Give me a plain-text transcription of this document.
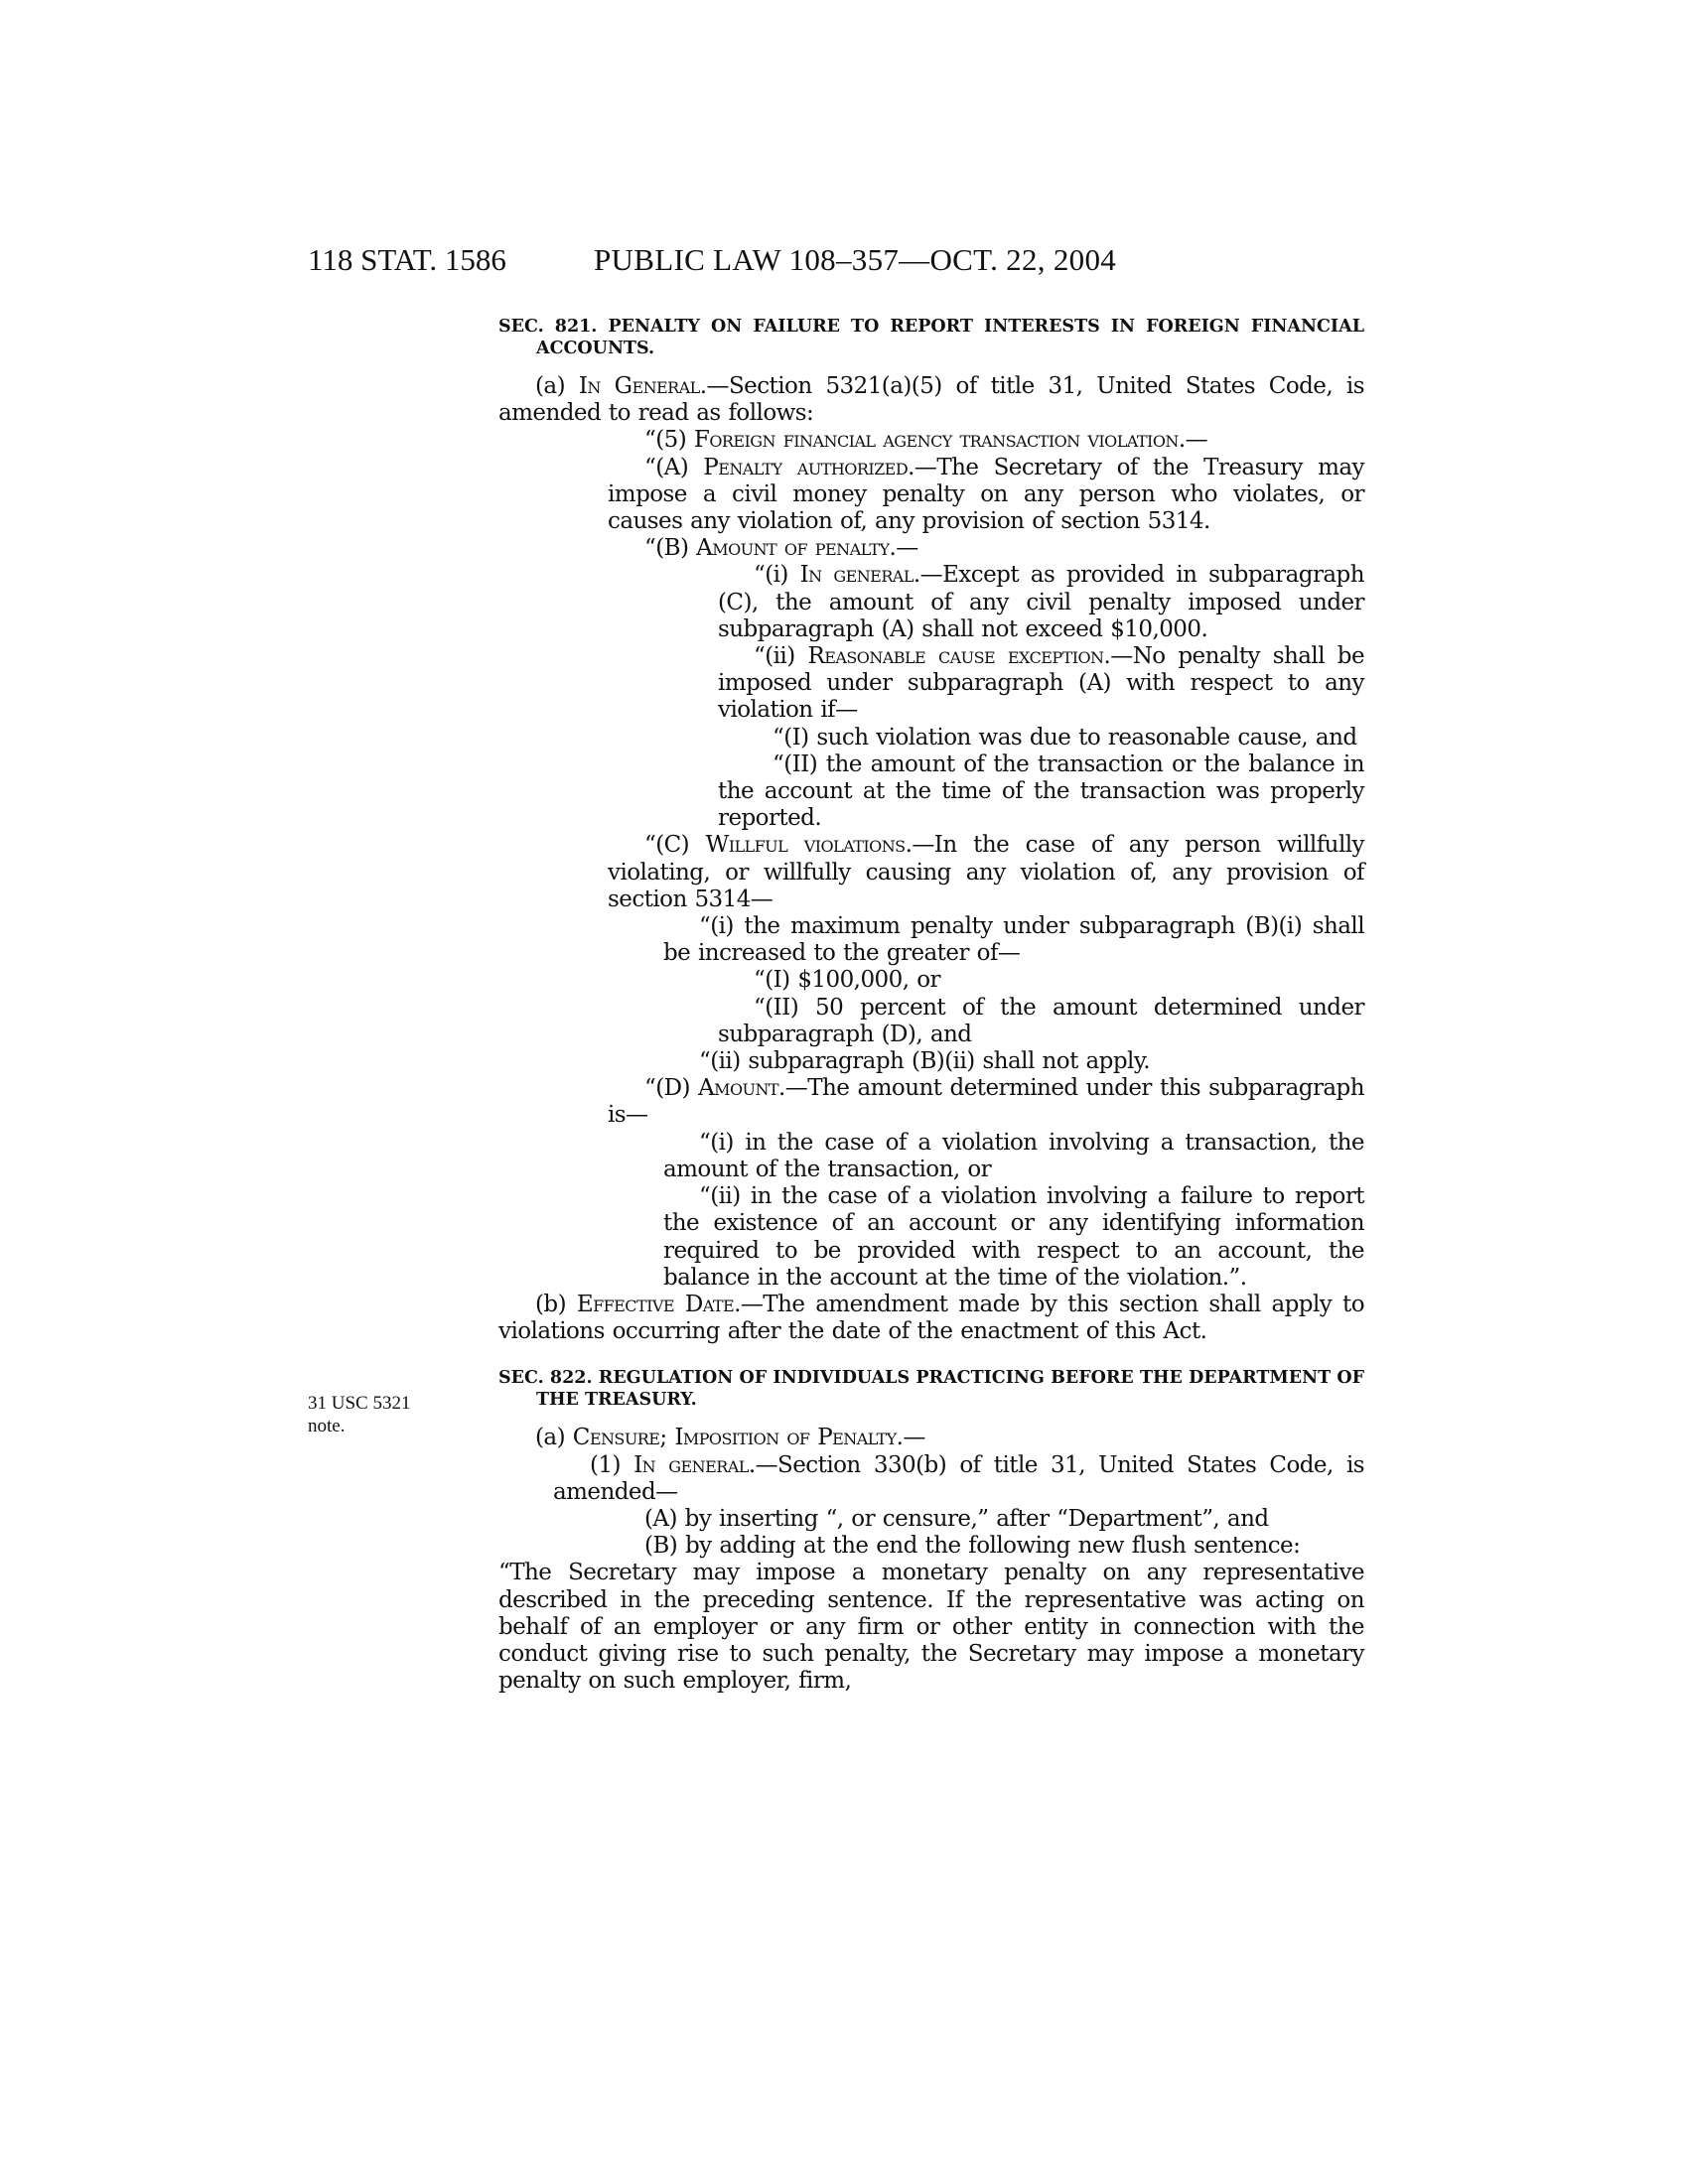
118 STAT. 1586	PUBLIC LAW 108–357—OCT. 22, 2004
31 USC 5321
note.
SEC. 821. PENALTY ON FAILURE TO REPORT INTERESTS IN FOREIGN FINANCIAL ACCOUNTS.

(a) In General.—Section 5321(a)(5) of title 31, United States Code, is amended to read as follows:

“(5) Foreign financial agency transaction violation.—

“(A) Penalty authorized.—The Secretary of the Treasury may impose a civil money penalty on any person who violates, or causes any violation of, any provision of section 5314.

“(B) Amount of penalty.—

“(i) In general.—Except as provided in subparagraph (C), the amount of any civil penalty imposed under subparagraph (A) shall not exceed $10,000.

“(ii) Reasonable cause exception.—No penalty shall be imposed under subparagraph (A) with respect to any violation if—

“(I) such violation was due to reasonable cause, and

“(II) the amount of the transaction or the balance in the account at the time of the transaction was properly reported.

“(C) Willful violations.—In the case of any person willfully violating, or willfully causing any violation of, any provision of section 5314—

“(i) the maximum penalty under subparagraph (B)(i) shall be increased to the greater of—

“(I) $100,000, or

“(II) 50 percent of the amount determined under subparagraph (D), and

“(ii) subparagraph (B)(ii) shall not apply.

“(D) Amount.—The amount determined under this subparagraph is—

“(i) in the case of a violation involving a transaction, the amount of the transaction, or

“(ii) in the case of a violation involving a failure to report the existence of an account or any identifying information required to be provided with respect to an account, the balance in the account at the time of the violation.”.

(b) Effective Date.—The amendment made by this section shall apply to violations occurring after the date of the enactment of this Act.

SEC. 822. REGULATION OF INDIVIDUALS PRACTICING BEFORE THE DEPARTMENT OF THE TREASURY.

(a) Censure; Imposition of Penalty.—

(1) In general.—Section 330(b) of title 31, United States Code, is amended—

(A) by inserting “, or censure,” after “Department”, and

(B) by adding at the end the following new flush sentence:

“The Secretary may impose a monetary penalty on any representative described in the preceding sentence. If the representative was acting on behalf of an employer or any firm or other entity in connection with the conduct giving rise to such penalty, the Secretary may impose a monetary penalty on such employer, firm,
